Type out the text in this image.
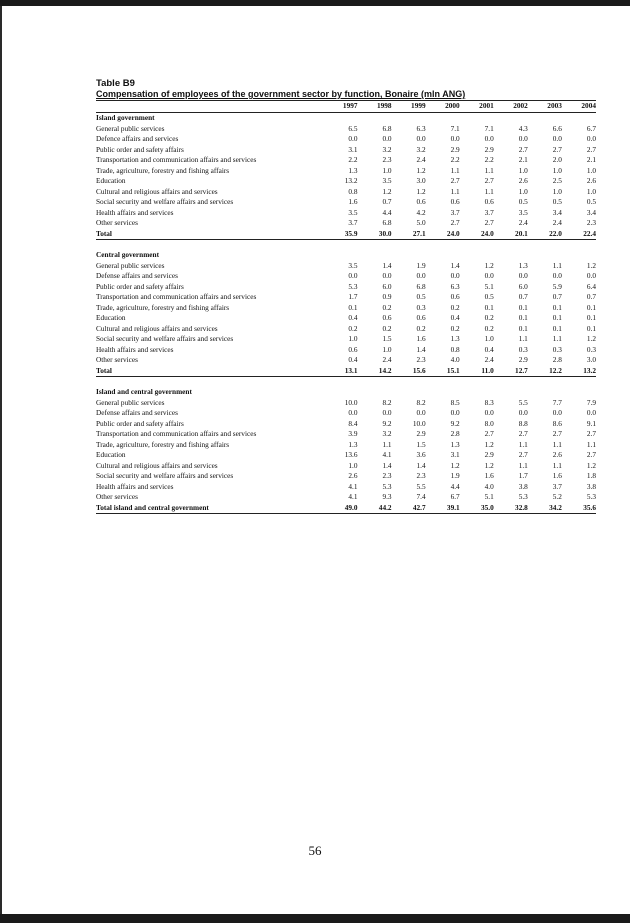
Table B9
Compensation of employees of the government sector by function, Bonaire (mln ANG)
	1997	1998	1999	2000	2001	2002	2003	2004
Island government								
General public services	6.5	6.8	6.3	7.1	7.1	4.3	6.6	6.7
Defence affairs and services	0.0	0.0	0.0	0.0	0.0	0.0	0.0	0.0
Public order and safety affairs	3.1	3.2	3.2	2.9	2.9	2.7	2.7	2.7
Transportation and communication affairs and services	2.2	2.3	2.4	2.2	2.2	2.1	2.0	2.1
Trade, agriculture, forestry and fishing affairs	1.3	1.0	1.2	1.1	1.1	1.0	1.0	1.0
Education	13.2	3.5	3.0	2.7	2.7	2.6	2.5	2.6
Cultural and religious affairs and services	0.8	1.2	1.2	1.1	1.1	1.0	1.0	1.0
Social security and welfare affairs and services	1.6	0.7	0.6	0.6	0.6	0.5	0.5	0.5
Health affairs and services	3.5	4.4	4.2	3.7	3.7	3.5	3.4	3.4
Other services	3.7	6.8	5.0	2.7	2.7	2.4	2.4	2.3
Total	35.9	30.0	27.1	24.0	24.0	20.1	22.0	22.4

Central government								
General public services	3.5	1.4	1.9	1.4	1.2	1.3	1.1	1.2
Defense affairs and services	0.0	0.0	0.0	0.0	0.0	0.0	0.0	0.0
Public order and safety affairs	5.3	6.0	6.8	6.3	5.1	6.0	5.9	6.4
Transportation and communication affairs and services	1.7	0.9	0.5	0.6	0.5	0.7	0.7	0.7
Trade, agriculture, forestry and fishing affairs	0.1	0.2	0.3	0.2	0.1	0.1	0.1	0.1
Education	0.4	0.6	0.6	0.4	0.2	0.1	0.1	0.1
Cultural and religious affairs and services	0.2	0.2	0.2	0.2	0.2	0.1	0.1	0.1
Social security and welfare affairs and services	1.0	1.5	1.6	1.3	1.0	1.1	1.1	1.2
Health affairs and services	0.6	1.0	1.4	0.8	0.4	0.3	0.3	0.3
Other services	0.4	2.4	2.3	4.0	2.4	2.9	2.8	3.0
Total	13.1	14.2	15.6	15.1	11.0	12.7	12.2	13.2

Island and central government								
General public services	10.0	8.2	8.2	8.5	8.3	5.5	7.7	7.9
Defense affairs and services	0.0	0.0	0.0	0.0	0.0	0.0	0.0	0.0
Public order and safety affairs	8.4	9.2	10.0	9.2	8.0	8.8	8.6	9.1
Transportation and communication affairs and services	3.9	3.2	2.9	2.8	2.7	2.7	2.7	2.7
Trade, agriculture, forestry and fishing affairs	1.3	1.1	1.5	1.3	1.2	1.1	1.1	1.1
Education	13.6	4.1	3.6	3.1	2.9	2.7	2.6	2.7
Cultural and religious affairs and services	1.0	1.4	1.4	1.2	1.2	1.1	1.1	1.2
Social security and welfare affairs and services	2.6	2.3	2.3	1.9	1.6	1.7	1.6	1.8
Health affairs and services	4.1	5.3	5.5	4.4	4.0	3.8	3.7	3.8
Other services	4.1	9.3	7.4	6.7	5.1	5.3	5.2	5.3
Total island and central government	49.0	44.2	42.7	39.1	35.0	32.8	34.2	35.6
56
